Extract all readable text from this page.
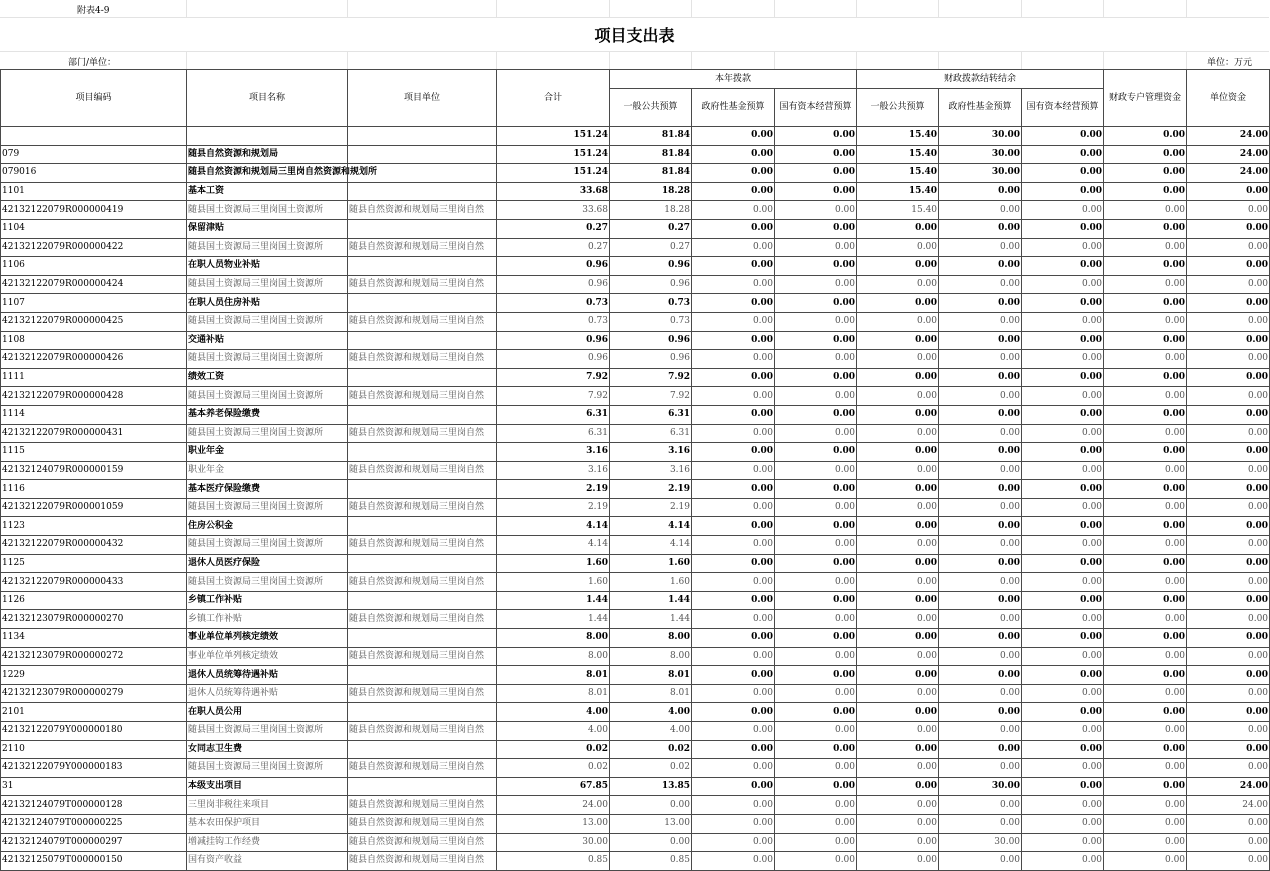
附表4-9
项目支出表
部门/单位：	单位：万元
项目编码	项目名称	项目单位	合计	本年拨款			财政拨款结转结余			财政专户管理资金	单位资金
				一般公共预算	政府性基金预算	国有资本经营预算	一般公共预算	政府性基金预算	国有资本经营预算		
			151.24	81.84	0.00	0.00	15.40	30.00	0.00	0.00	24.00
079	随县自然资源和规划局		151.24	81.84	0.00	0.00	15.40	30.00	0.00	0.00	24.00
079016	随县自然资源和规划局三里岗自然资源和规划所		151.24	81.84	0.00	0.00	15.40	30.00	0.00	0.00	24.00
1101	基本工资		33.68	18.28	0.00	0.00	15.40	0.00	0.00	0.00	0.00
42132122079R000000419	随县国土资源局三里岗国土资源所	随县自然资源和规划局三里岗自然	33.68	18.28	0.00	0.00	15.40	0.00	0.00	0.00	0.00
1104	保留津贴		0.27	0.27	0.00	0.00	0.00	0.00	0.00	0.00	0.00
42132122079R000000422	随县国土资源局三里岗国土资源所	随县自然资源和规划局三里岗自然	0.27	0.27	0.00	0.00	0.00	0.00	0.00	0.00	0.00
1106	在职人员物业补贴		0.96	0.96	0.00	0.00	0.00	0.00	0.00	0.00	0.00
42132122079R000000424	随县国土资源局三里岗国土资源所	随县自然资源和规划局三里岗自然	0.96	0.96	0.00	0.00	0.00	0.00	0.00	0.00	0.00
1107	在职人员住房补贴		0.73	0.73	0.00	0.00	0.00	0.00	0.00	0.00	0.00
42132122079R000000425	随县国土资源局三里岗国土资源所	随县自然资源和规划局三里岗自然	0.73	0.73	0.00	0.00	0.00	0.00	0.00	0.00	0.00
1108	交通补贴		0.96	0.96	0.00	0.00	0.00	0.00	0.00	0.00	0.00
42132122079R000000426	随县国土资源局三里岗国土资源所	随县自然资源和规划局三里岗自然	0.96	0.96	0.00	0.00	0.00	0.00	0.00	0.00	0.00
1111	绩效工资		7.92	7.92	0.00	0.00	0.00	0.00	0.00	0.00	0.00
42132122079R000000428	随县国土资源局三里岗国土资源所	随县自然资源和规划局三里岗自然	7.92	7.92	0.00	0.00	0.00	0.00	0.00	0.00	0.00
1114	基本养老保险缴费		6.31	6.31	0.00	0.00	0.00	0.00	0.00	0.00	0.00
42132122079R000000431	随县国土资源局三里岗国土资源所	随县自然资源和规划局三里岗自然	6.31	6.31	0.00	0.00	0.00	0.00	0.00	0.00	0.00
1115	职业年金		3.16	3.16	0.00	0.00	0.00	0.00	0.00	0.00	0.00
42132124079R000000159	职业年金	随县自然资源和规划局三里岗自然	3.16	3.16	0.00	0.00	0.00	0.00	0.00	0.00	0.00
1116	基本医疗保险缴费		2.19	2.19	0.00	0.00	0.00	0.00	0.00	0.00	0.00
42132122079R000001059	随县国土资源局三里岗国土资源所	随县自然资源和规划局三里岗自然	2.19	2.19	0.00	0.00	0.00	0.00	0.00	0.00	0.00
1123	住房公积金		4.14	4.14	0.00	0.00	0.00	0.00	0.00	0.00	0.00
42132122079R000000432	随县国土资源局三里岗国土资源所	随县自然资源和规划局三里岗自然	4.14	4.14	0.00	0.00	0.00	0.00	0.00	0.00	0.00
1125	退休人员医疗保险		1.60	1.60	0.00	0.00	0.00	0.00	0.00	0.00	0.00
42132122079R000000433	随县国土资源局三里岗国土资源所	随县自然资源和规划局三里岗自然	1.60	1.60	0.00	0.00	0.00	0.00	0.00	0.00	0.00
1126	乡镇工作补贴		1.44	1.44	0.00	0.00	0.00	0.00	0.00	0.00	0.00
42132123079R000000270	乡镇工作补贴	随县自然资源和规划局三里岗自然	1.44	1.44	0.00	0.00	0.00	0.00	0.00	0.00	0.00
1134	事业单位单列核定绩效		8.00	8.00	0.00	0.00	0.00	0.00	0.00	0.00	0.00
42132123079R000000272	事业单位单列核定绩效	随县自然资源和规划局三里岗自然	8.00	8.00	0.00	0.00	0.00	0.00	0.00	0.00	0.00
1229	退休人员统筹待遇补贴		8.01	8.01	0.00	0.00	0.00	0.00	0.00	0.00	0.00
42132123079R000000279	退休人员统筹待遇补贴	随县自然资源和规划局三里岗自然	8.01	8.01	0.00	0.00	0.00	0.00	0.00	0.00	0.00
2101	在职人员公用		4.00	4.00	0.00	0.00	0.00	0.00	0.00	0.00	0.00
42132122079Y000000180	随县国土资源局三里岗国土资源所	随县自然资源和规划局三里岗自然	4.00	4.00	0.00	0.00	0.00	0.00	0.00	0.00	0.00
2110	女同志卫生费		0.02	0.02	0.00	0.00	0.00	0.00	0.00	0.00	0.00
42132122079Y000000183	随县国土资源局三里岗国土资源所	随县自然资源和规划局三里岗自然	0.02	0.02	0.00	0.00	0.00	0.00	0.00	0.00	0.00
31	本级支出项目		67.85	13.85	0.00	0.00	0.00	30.00	0.00	0.00	24.00
42132124079T000000128	三里岗非税往来项目	随县自然资源和规划局三里岗自然	24.00	0.00	0.00	0.00	0.00	0.00	0.00	0.00	24.00
42132124079T000000225	基本农田保护项目	随县自然资源和规划局三里岗自然	13.00	13.00	0.00	0.00	0.00	0.00	0.00	0.00	0.00
42132124079T000000297	增减挂钩工作经费	随县自然资源和规划局三里岗自然	30.00	0.00	0.00	0.00	0.00	30.00	0.00	0.00	0.00
42132125079T000000150	国有资产收益	随县自然资源和规划局三里岗自然	0.85	0.85	0.00	0.00	0.00	0.00	0.00	0.00	0.00
